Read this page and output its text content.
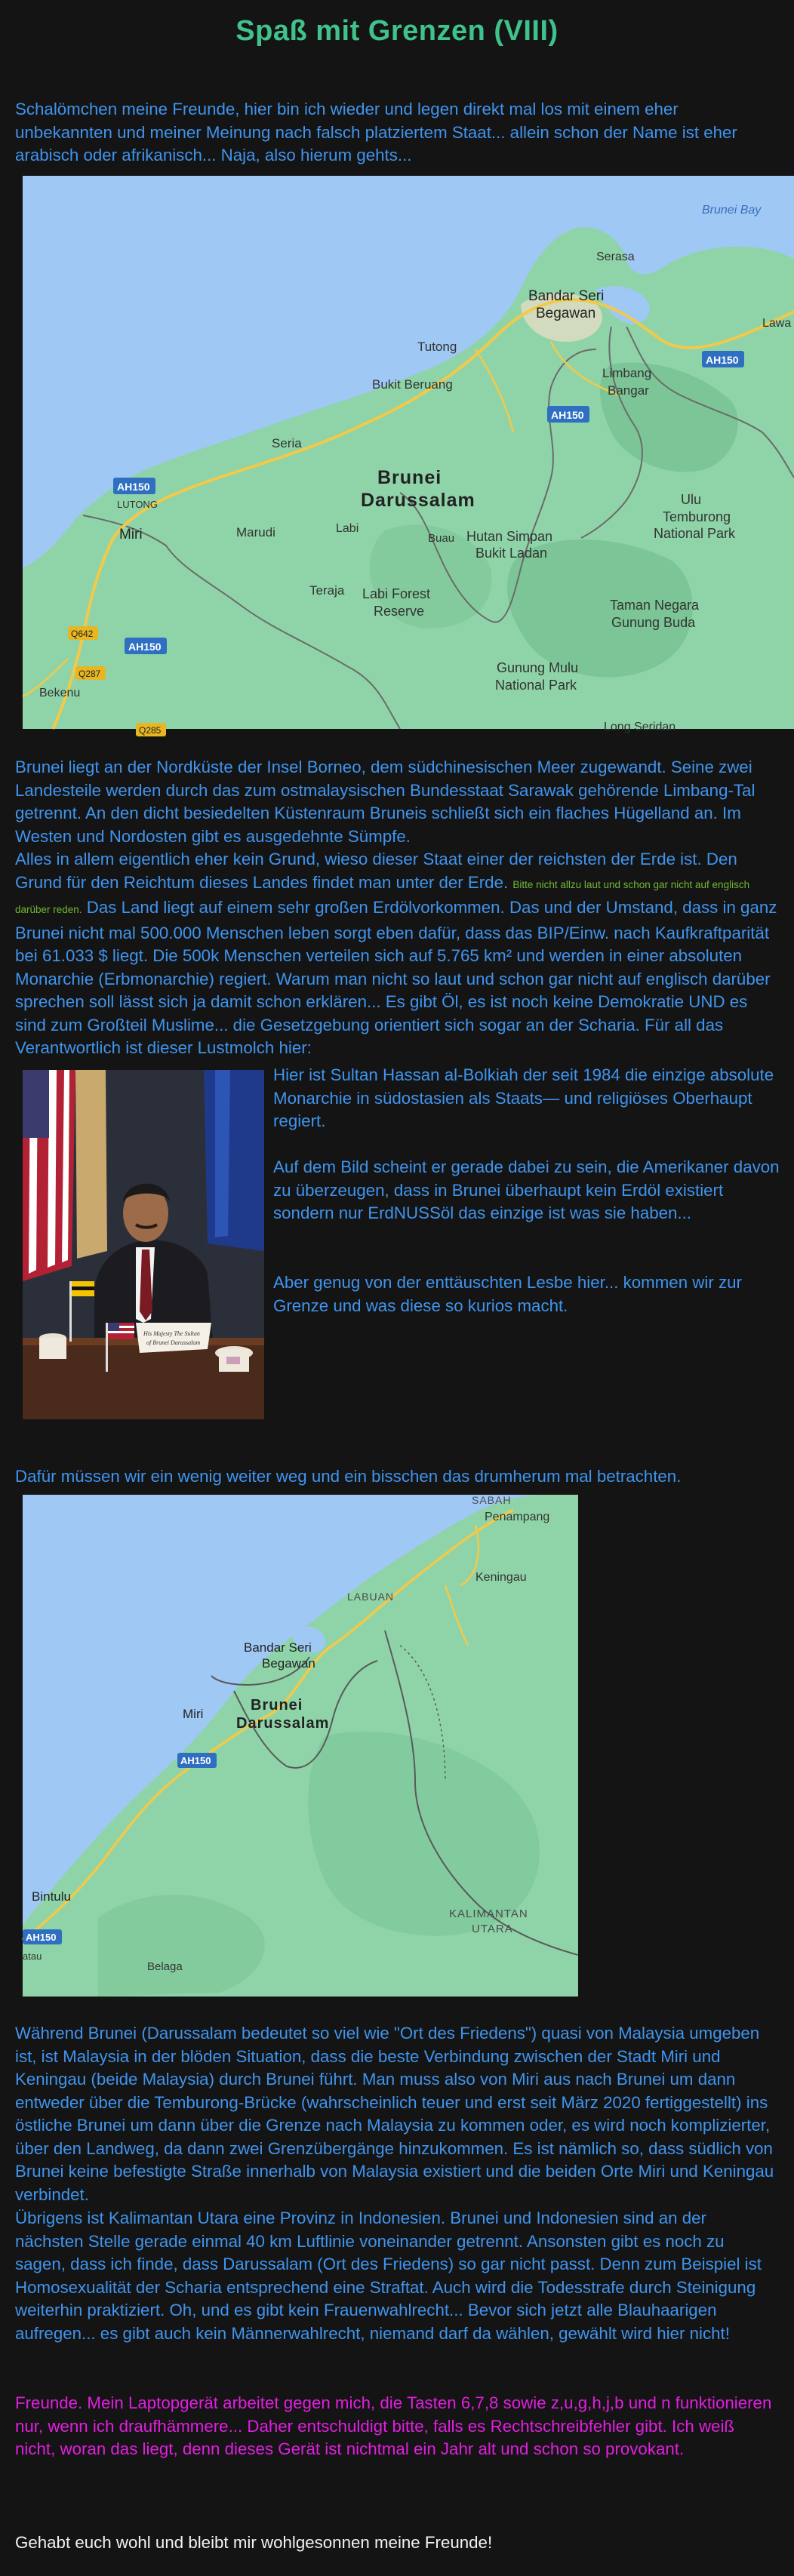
Spaß mit Grenzen (VIII)

Schalömchen meine Freunde, hier bin ich wieder und legen direkt mal los mit einem eher unbekannten und meiner Meinung nach falsch platziertem Staat... allein schon der Name ist eher arabisch oder afrikanisch... Naja, also hierum gehts...

Brunei Bay
Serasa
Bandar Seri
Begawan
Lawa
Tutong
Bukit Beruang
Limbang
Bangar
AH150
AH150
AH150
AH150
Seria
LUTONG
Miri	Marudi	Labi
Brunei
Darussalam
Buau Hutan Simpan
Bukit Ladan
Ulu
Temburong
National Park
Teraja Labi Forest
Reserve	Taman Negara
Gunung Buda
Q642
Q287
Bekenu
Gunung Mulu
National Park
Long Seridan
Q285

Brunei liegt an der Nordküste der Insel Borneo, dem südchinesischen Meer zugewandt. Seine zwei Landesteile werden durch das zum ostmalaysischen Bundesstaat Sarawak gehörende Limbang-Tal getrennt. An den dicht besiedelten Küstenraum Bruneis schließt sich ein flaches Hügelland an. Im Westen und Nordosten gibt es ausgedehnte Sümpfe.

Alles in allem eigentlich eher kein Grund, wieso dieser Staat einer der reichsten der Erde ist. Den Grund für den Reichtum dieses Landes findet man unter der Erde. Bitte nicht allzu laut und schon gar nicht auf englisch darüber reden. Das Land liegt auf einem sehr großen Erdölvorkommen. Das und der Umstand, dass in ganz Brunei nicht mal 500.000 Menschen leben sorgt eben dafür, dass das BIP/Einw. nach Kaufkraftparität bei 61.033 $ liegt. Die 500k Menschen verteilen sich auf 5.765 km² und werden in einer absoluten Monarchie (Erbmonarchie) regiert. Warum man nicht so laut und schon gar nicht auf englisch darüber sprechen soll lässt sich ja damit schon erklären... Es gibt Öl, es ist noch keine Demokratie UND es sind zum Großteil Muslime... die Gesetzgebung orientiert sich sogar an der Scharia. Für all das Verantwortlich ist dieser Lustmolch hier:

His Majesty The Sultan
of Brunei Darussalam

Hier ist Sultan Hassan al-Bolkiah der seit 1984 die einzige absolute Monarchie in südostasien als Staats— und religiöses Oberhaupt regiert.

Auf dem Bild scheint er gerade dabei zu sein, die Amerikaner davon zu überzeugen, dass in Brunei überhaupt kein Erdöl existiert sondern nur ErdNUSSöl das einzige ist was sie haben...

Aber genug von der enttäuschten Lesbe hier... kommen wir zur Grenze und was diese so kurios macht.

Dafür müssen wir ein wenig weiter weg und ein bisschen das drumherum mal betrachten.

SABAH
Penampang
Keningau
LABUAN
Bandar Seri
Begawan
Miri
Brunei
Darussalam
AH150
Bintulu
AH150
atau
Belaga
KALIMANTAN
UTARA

Während Brunei (Darussalam bedeutet so viel wie "Ort des Friedens") quasi von Malaysia umgeben ist, ist Malaysia in der blöden Situation, dass die beste Verbindung zwischen der Stadt Miri und Keningau (beide Malaysia) durch Brunei führt. Man muss also von Miri aus nach Brunei um dann entweder über die Temburong-Brücke (wahrscheinlich teuer und erst seit März 2020 fertiggestellt) ins östliche Brunei um dann über die Grenze nach Malaysia zu kommen oder, es wird noch komplizierter, über den Landweg, da dann zwei Grenzübergänge hinzukommen. Es ist nämlich so, dass südlich von Brunei keine befestigte Straße innerhalb von Malaysia existiert und die beiden Orte Miri und Keningau verbindet.

Übrigens ist Kalimantan Utara eine Provinz in Indonesien. Brunei und Indonesien sind an der nächsten Stelle gerade einmal 40 km Luftlinie voneinander getrennt. Ansonsten gibt es noch zu sagen, dass ich finde, dass Darussalam (Ort des Friedens) so gar nicht passt. Denn zum Beispiel ist Homosexualität der Scharia entsprechend eine Straftat. Auch wird die Todesstrafe durch Steinigung weiterhin praktiziert. Oh, und es gibt kein Frauenwahlrecht... Bevor sich jetzt alle Blauhaarigen aufregen... es gibt auch kein Männerwahlrecht, niemand darf da wählen, gewählt wird hier nicht!

Freunde. Mein Laptopgerät arbeitet gegen mich, die Tasten 6,7,8 sowie z,u,g,h,j,b und n funktionieren nur, wenn ich draufhämmere... Daher entschuldigt bitte, falls es Rechtschreibfehler gibt. Ich weiß nicht, woran das liegt, denn dieses Gerät ist nichtmal ein Jahr alt und schon so provokant.

Gehabt euch wohl und bleibt mir wohlgesonnen meine Freunde!
